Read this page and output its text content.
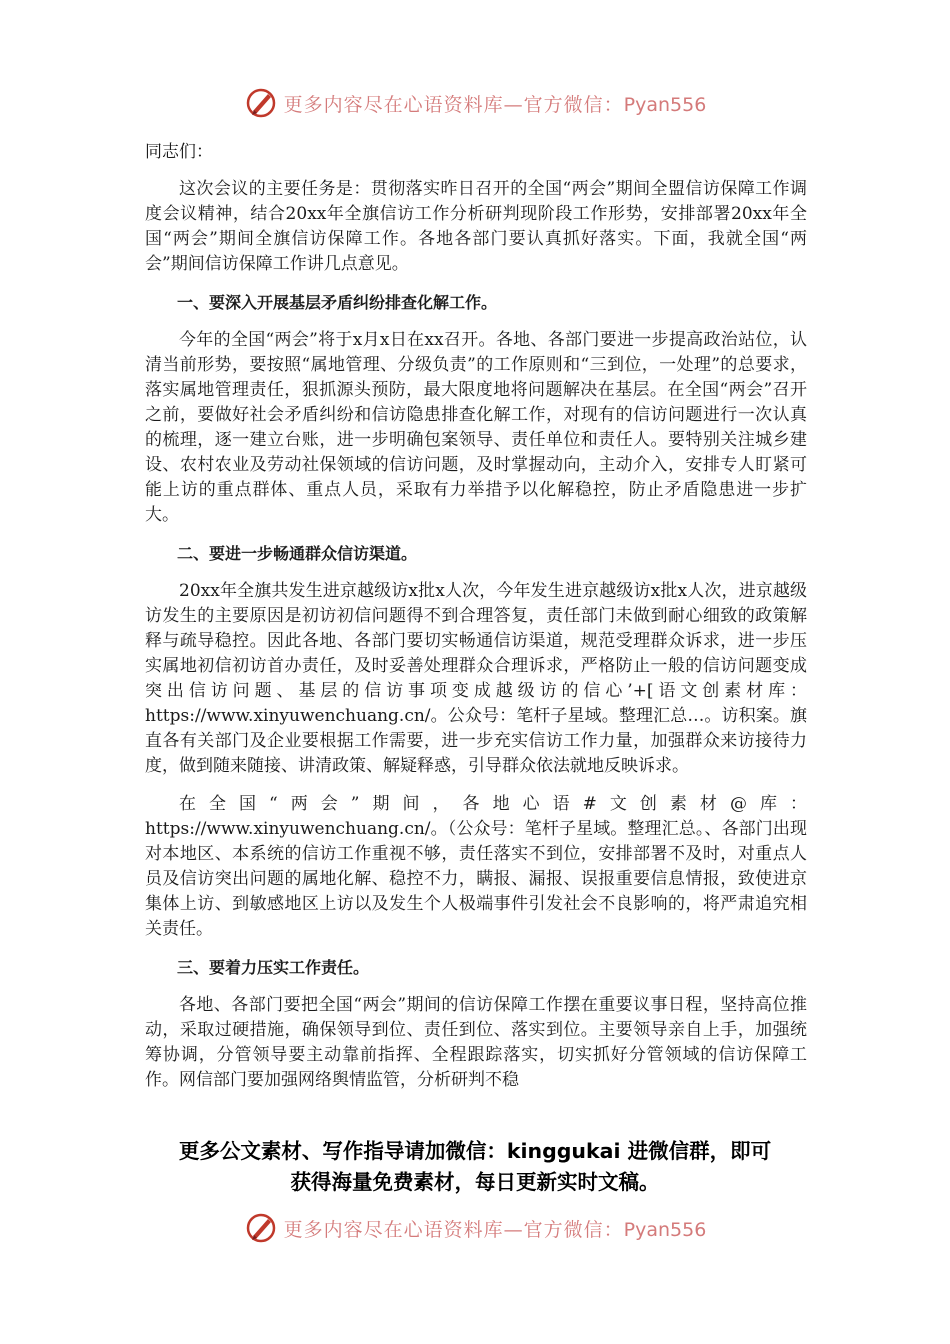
更多内容尽在心语资料库—官方微信：Pyan556

同志们：

这次会议的主要任务是：贯彻落实昨日召开的全国“两会”期间全盟信访保障工作调度会议精神，结合20xx年全旗信访工作分析研判现阶段工作形势，安排部署20xx年全国“两会”期间全旗信访保障工作。各地各部门要认真抓好落实。下面，我就全国“两会”期间信访保障工作讲几点意见。

一、要深入开展基层矛盾纠纷排查化解工作。

今年的全国“两会”将于x月x日在xx召开。各地、各部门要进一步提高政治站位，认清当前形势，要按照“属地管理、分级负责”的工作原则和“三到位，一处理”的总要求，落实属地管理责任，狠抓源头预防，最大限度地将问题解决在基层。在全国“两会”召开之前，要做好社会矛盾纠纷和信访隐患排查化解工作，对现有的信访问题进行一次认真的梳理，逐一建立台账，进一步明确包案领导、责任单位和责任人。要特别关注城乡建设、农村农业及劳动社保领域的信访问题，及时掌握动向，主动介入，安排专人盯紧可能上访的重点群体、重点人员，采取有力举措予以化解稳控，防止矛盾隐患进一步扩大。

二、要进一步畅通群众信访渠道。

20xx年全旗共发生进京越级访x批x人次，今年发生进京越级访x批x人次，进京越级访发生的主要原因是初访初信问题得不到合理答复，责任部门未做到耐心细致的政策解释与疏导稳控。因此各地、各部门要切实畅通信访渠道，规范受理群众诉求，进一步压实属地初信初访首办责任，及时妥善处理群众合理诉求，严格防止一般的信访问题变成突出信访问题、基层的信访事项变成越级访的信心’+[语文创素材库：https://www.xinyuwenchuang.cn/。公众号：笔杆子星域。整理汇总…。访积案。旗直各有关部门及企业要根据工作需要，进一步充实信访工作力量，加强群众来访接待力度，做到随来随接、讲清政策、解疑释惑，引导群众依法就地反映诉求。

在全国“两会”期间，各地心语#文创素材@库：https://www.xinyuwenchuang.cn/。（公众号：笔杆子星域。整理汇总。、各部门出现对本地区、本系统的信访工作重视不够，责任落实不到位，安排部署不及时，对重点人员及信访突出问题的属地化解、稳控不力，瞒报、漏报、误报重要信息情报，致使进京集体上访、到敏感地区上访以及发生个人极端事件引发社会不良影响的，将严肃追究相关责任。

三、要着力压实工作责任。

各地、各部门要把全国“两会”期间的信访保障工作摆在重要议事日程，坚持高位推动，采取过硬措施，确保领导到位、责任到位、落实到位。主要领导亲自上手，加强统筹协调，分管领导要主动靠前指挥、全程跟踪落实，切实抓好分管领域的信访保障工作。网信部门要加强网络舆情监管，分析研判不稳

更多公文素材、写作指导请加微信：kinggukai 进微信群，即可
获得海量免费素材，每日更新实时文稿。
更多内容尽在心语资料库—官方微信：Pyan556
